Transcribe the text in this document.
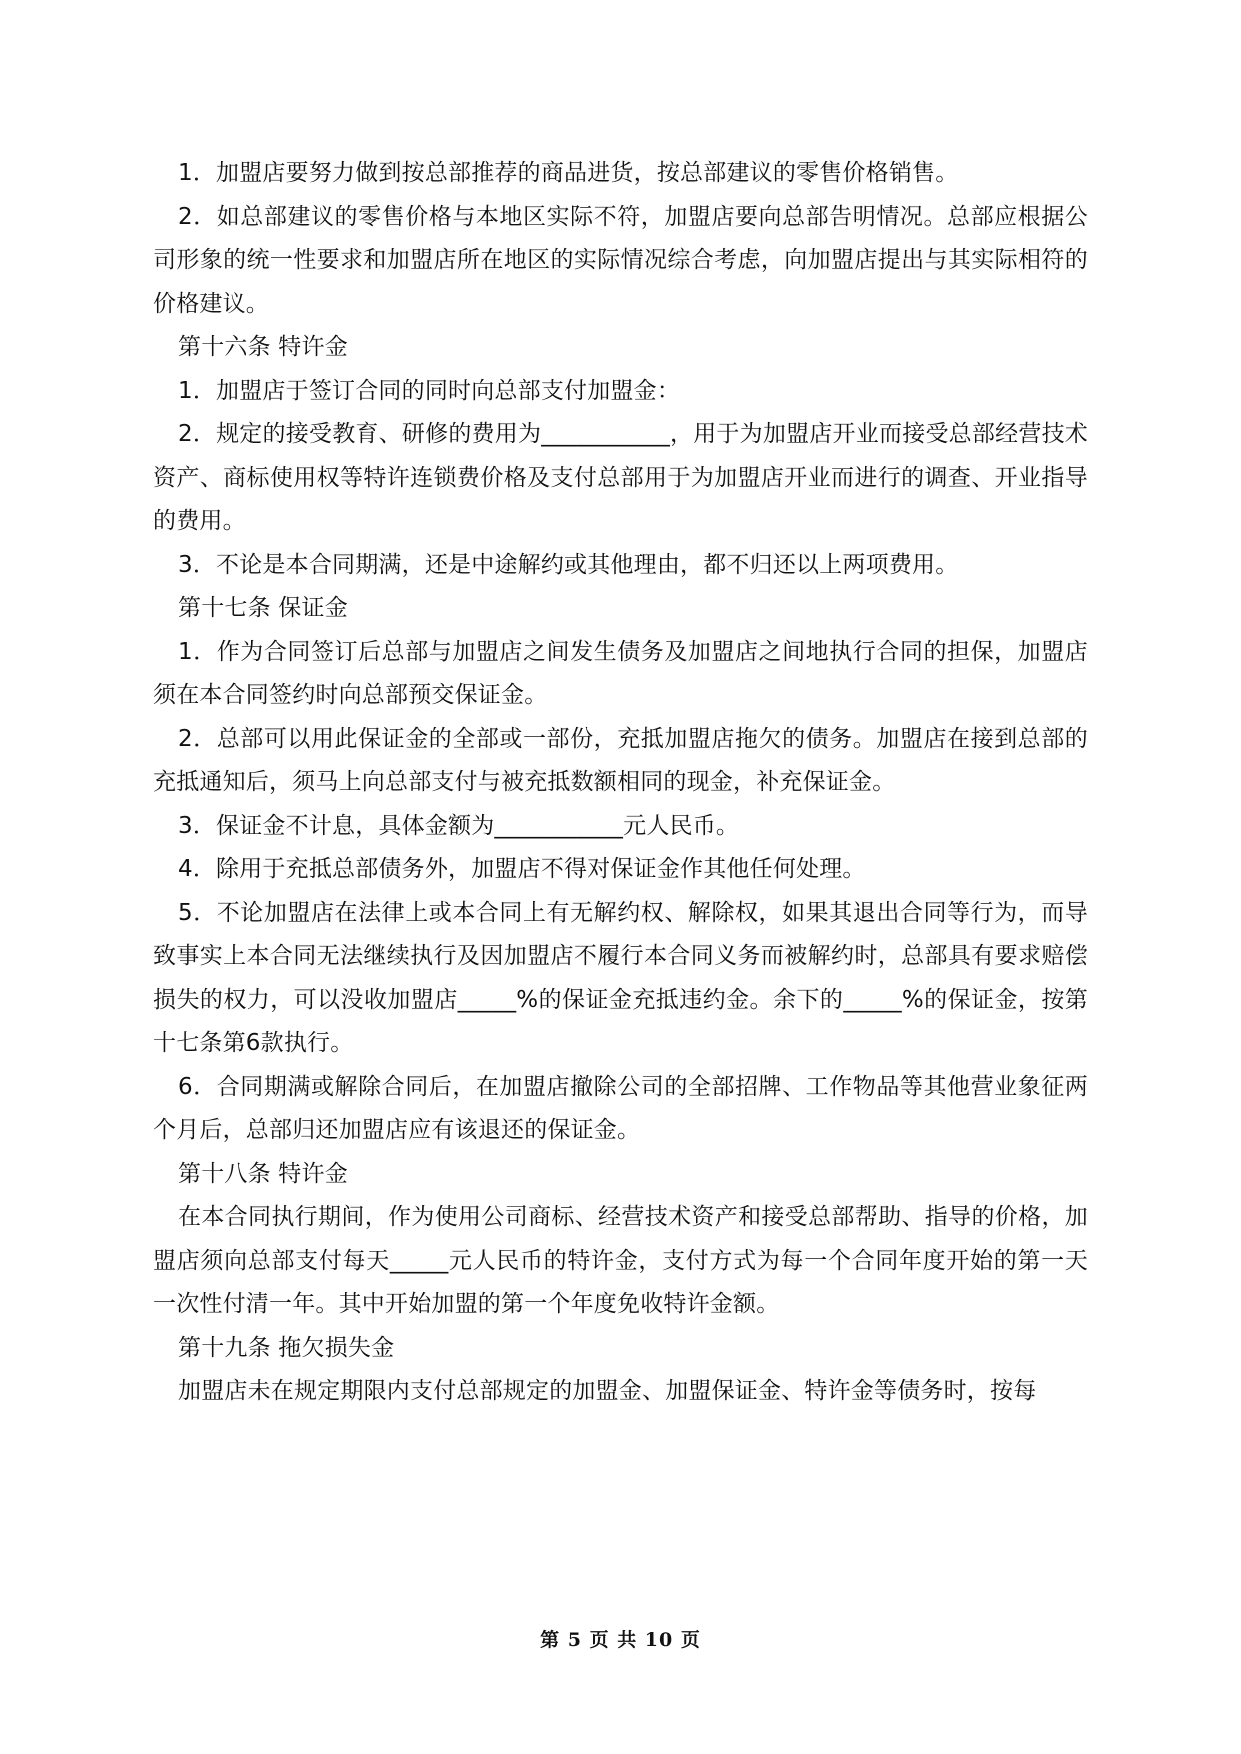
1．加盟店要努力做到按总部推荐的商品进货，按总部建议的零售价格销售。

2．如总部建议的零售价格与本地区实际不符，加盟店要向总部告明情况。总部应根据公司形象的统一性要求和加盟店所在地区的实际情况综合考虑，向加盟店提出与其实际相符的价格建议。

第十六条 特许金

1．加盟店于签订合同的同时向总部支付加盟金：

2．规定的接受教育、研修的费用为___________，用于为加盟店开业而接受总部经营技术资产、商标使用权等特许连锁费价格及支付总部用于为加盟店开业而进行的调查、开业指导的费用。

3．不论是本合同期满，还是中途解约或其他理由，都不归还以上两项费用。

第十七条 保证金

1．作为合同签订后总部与加盟店之间发生债务及加盟店之间地执行合同的担保，加盟店须在本合同签约时向总部预交保证金。

2．总部可以用此保证金的全部或一部份，充抵加盟店拖欠的债务。加盟店在接到总部的充抵通知后，须马上向总部支付与被充抵数额相同的现金，补充保证金。

3．保证金不计息，具体金额为___________元人民币。

4．除用于充抵总部债务外，加盟店不得对保证金作其他任何处理。

5．不论加盟店在法律上或本合同上有无解约权、解除权，如果其退出合同等行为，而导致事实上本合同无法继续执行及因加盟店不履行本合同义务而被解约时，总部具有要求赔偿损失的权力，可以没收加盟店_____%的保证金充抵违约金。余下的_____%的保证金，按第十七条第6款执行。

6．合同期满或解除合同后，在加盟店撤除公司的全部招牌、工作物品等其他营业象征两个月后，总部归还加盟店应有该退还的保证金。

第十八条 特许金

在本合同执行期间，作为使用公司商标、经营技术资产和接受总部帮助、指导的价格，加盟店须向总部支付每天_____元人民币的特许金，支付方式为每一个合同年度开始的第一天一次性付清一年。其中开始加盟的第一个年度免收特许金额。

第十九条 拖欠损失金

加盟店未在规定期限内支付总部规定的加盟金、加盟保证金、特许金等债务时，按每

第 5 页 共 10 页
